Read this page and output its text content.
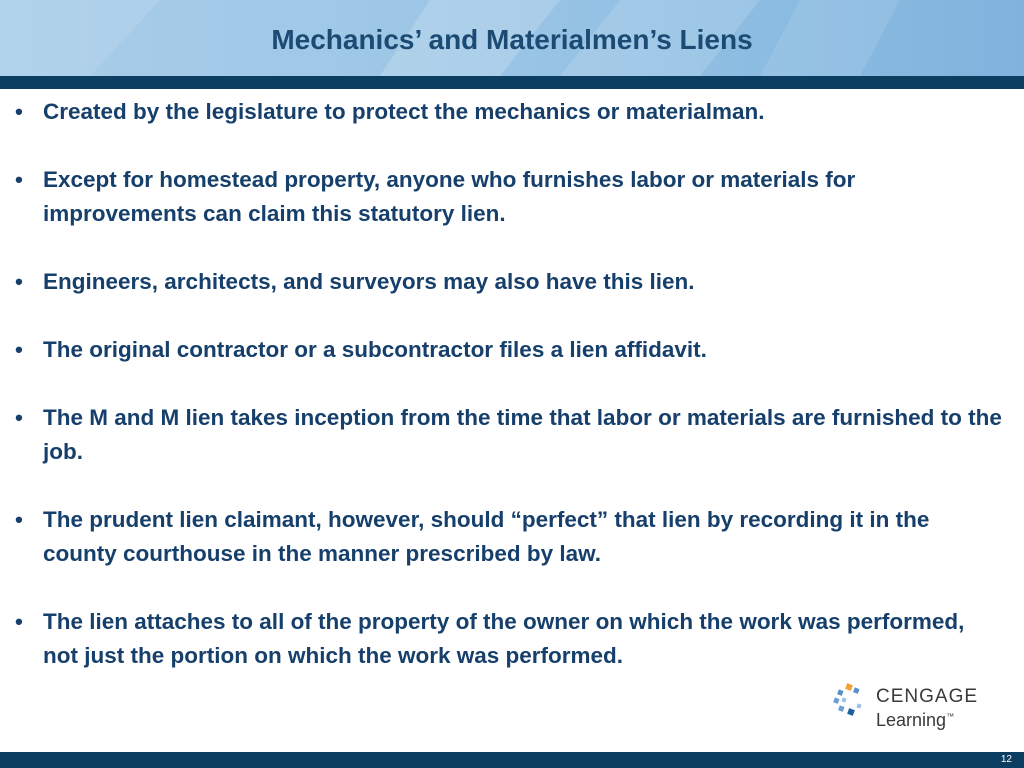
Mechanics’ and Materialmen’s Liens
• Created by the legislature to protect the mechanics or materialman.
• Except for homestead property, anyone who furnishes labor or materials for improvements can claim this statutory lien.
• Engineers, architects, and surveyors may also have this lien.
• The original contractor or a subcontractor files a lien affidavit.
• The M and M lien takes inception from the time that labor or materials are furnished to the job.
• The prudent lien claimant, however, should “perfect” that lien by recording it in the county courthouse in the manner prescribed by law.
• The lien attaches to all of the property of the owner on which the work was performed, not just the portion on which the work was performed.
CENGAGE
Learning™
12
